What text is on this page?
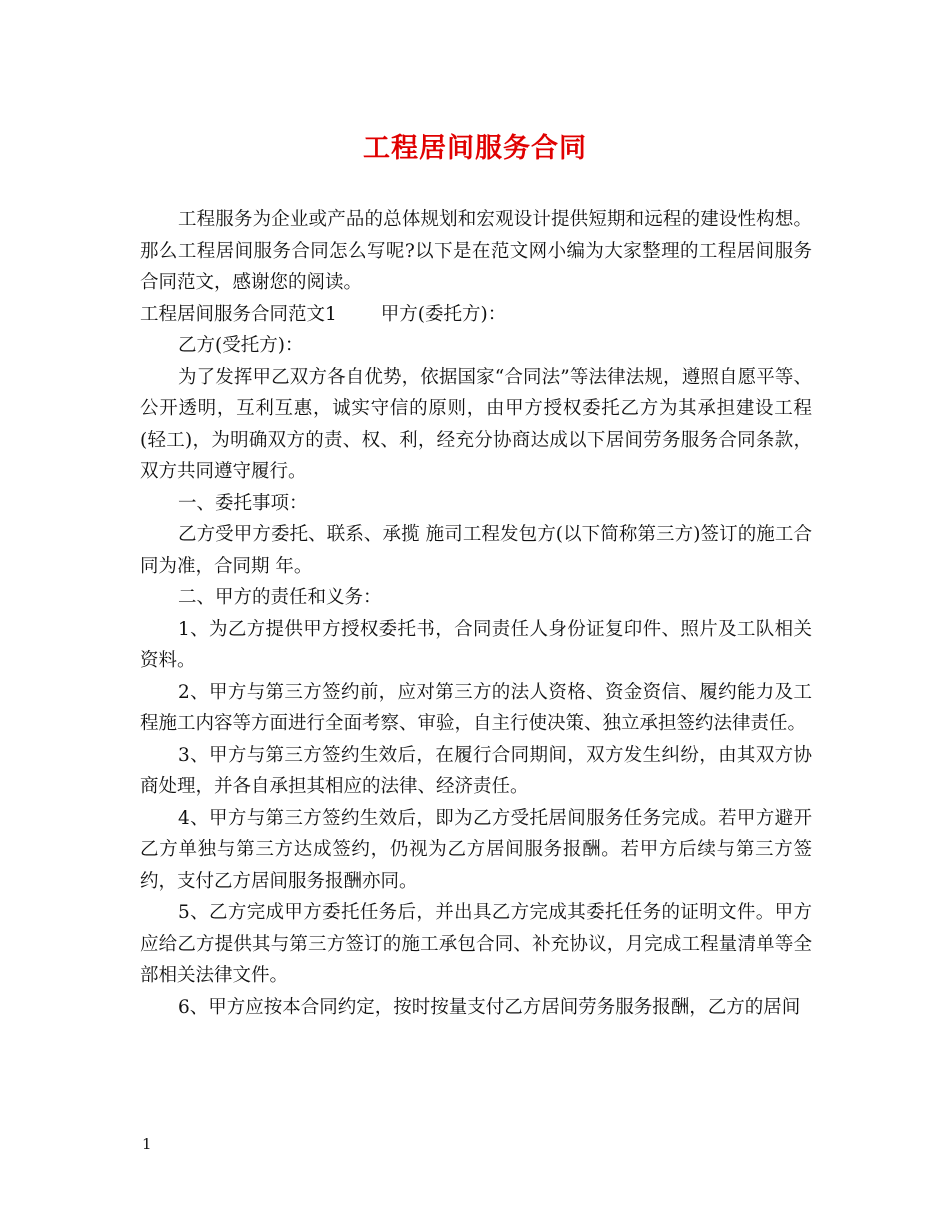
工程居间服务合同

工程服务为企业或产品的总体规划和宏观设计提供短期和远程的建设性构想。那么工程居间服务合同怎么写呢?以下是在范文网小编为大家整理的工程居间服务合同范文，感谢您的阅读。

工程居间服务合同范文1 甲方(委托方)：

乙方(受托方)：

为了发挥甲乙双方各自优势，依据国家“合同法”等法律法规，遵照自愿平等、公开透明，互利互惠，诚实守信的原则，由甲方授权委托乙方为其承担建设工程(轻工)，为明确双方的责、权、利，经充分协商达成以下居间劳务服务合同条款，双方共同遵守履行。

一、委托事项：

乙方受甲方委托、联系、承揽 施司工程发包方(以下简称第三方)签订的施工合同为准，合同期 年。

二、甲方的责任和义务：

1、为乙方提供甲方授权委托书，合同责任人身份证复印件、照片及工队相关资料。

2、甲方与第三方签约前，应对第三方的法人资格、资金资信、履约能力及工程施工内容等方面进行全面考察、审验，自主行使决策、独立承担签约法律责任。

3、甲方与第三方签约生效后，在履行合同期间，双方发生纠纷，由其双方协商处理，并各自承担其相应的法律、经济责任。

4、甲方与第三方签约生效后，即为乙方受托居间服务任务完成。若甲方避开乙方单独与第三方达成签约，仍视为乙方居间服务报酬。若甲方后续与第三方签约，支付乙方居间服务报酬亦同。

5、乙方完成甲方委托任务后，并出具乙方完成其委托任务的证明文件。甲方应给乙方提供其与第三方签订的施工承包合同、补充协议，月完成工程量清单等全部相关法律文件。

6、甲方应按本合同约定，按时按量支付乙方居间劳务服务报酬，乙方的居间

1
